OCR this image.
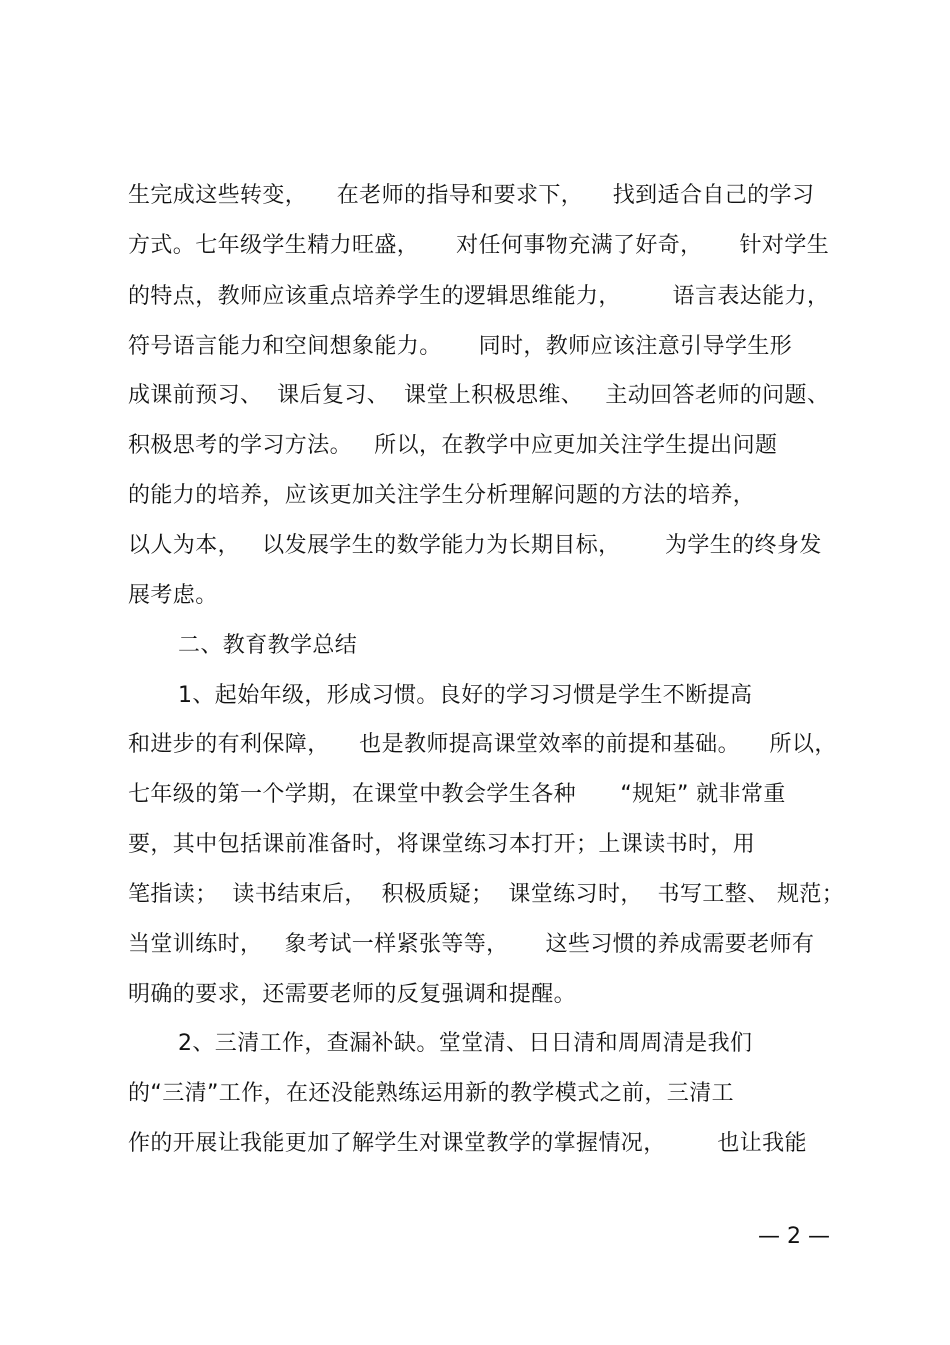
生完成这些转变，    在老师的指导和要求下，    找到适合自己的学习
方式。七年级学生精力旺盛，     对任何事物充满了好奇，     针对学生
的特点，教师应该重点培养学生的逻辑思维能力，       语言表达能力，
符号语言能力和空间想象能力。     同时，教师应该注意引导学生形
成课前预习、  课后复习、  课堂上积极思维、   主动回答老师的问题、
积极思考的学习方法。   所以，在教学中应更加关注学生提出问题
的能力的培养，应该更加关注学生分析理解问题的方法的培养，
以人为本，   以发展学生的数学能力为长期目标，      为学生的终身发
展考虑。
二、教育教学总结
1、起始年级，形成习惯。良好的学习习惯是学生不断提高
和进步的有利保障，    也是教师提高课堂效率的前提和基础。    所以，
七年级的第一个学期，在课堂中教会学生各种      “规矩” 就非常重
要，其中包括课前准备时，将课堂练习本打开；上课读书时，用
笔指读；  读书结束后，  积极质疑；  课堂练习时，  书写工整、 规范；
当堂训练时，   象考试一样紧张等等，     这些习惯的养成需要老师有
明确的要求，还需要老师的反复强调和提醒。
2、三清工作，查漏补缺。堂堂清、日日清和周周清是我们
的“三清”工作，在还没能熟练运用新的教学模式之前，三清工
作的开展让我能更加了解学生对课堂教学的掌握情况，       也让我能
— 2 —
